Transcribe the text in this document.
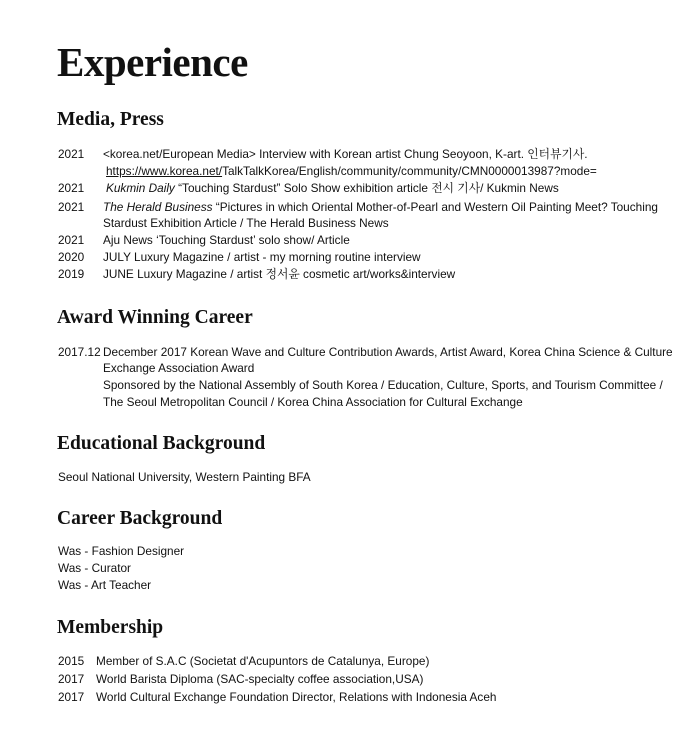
Experience
Media, Press
2021 <korea.net/European Media> Interview with Korean artist Chung Seoyoon, K-art. 인터뷰기사.
https://www.korea.net/TalkTalkKorea/English/community/community/CMN0000013987?mode=
2021 Kukmin Daily “Touching Stardust” Solo Show exhibition article 전시 기사/ Kukmin News
2021 The Herald Business “Pictures in which Oriental Mother-of-Pearl and Western Oil Painting Meet? Touching
Stardust Exhibition Article / The Herald Business News
2021 Aju News ‘Touching Stardust’ solo show/ Article
2020 JULY Luxury Magazine / artist - my morning routine interview
2019 JUNE Luxury Magazine / artist 정서윤 cosmetic art/works&interview
Award Winning Career
2017.12 December 2017 Korean Wave and Culture Contribution Awards, Artist Award, Korea China Science & Culture
Exchange Association Award
Sponsored by the National Assembly of South Korea / Education, Culture, Sports, and Tourism Committee /
The Seoul Metropolitan Council / Korea China Association for Cultural Exchange
Educational Background
Seoul National University, Western Painting BFA
Career Background
Was - Fashion Designer
Was - Curator
Was - Art Teacher
Membership
2015 Member of S.A.C (Societat d'Acupuntors de Catalunya, Europe)
2017 World Barista Diploma (SAC-specialty coffee association,USA)
2017 World Cultural Exchange Foundation Director, Relations with Indonesia Aceh
